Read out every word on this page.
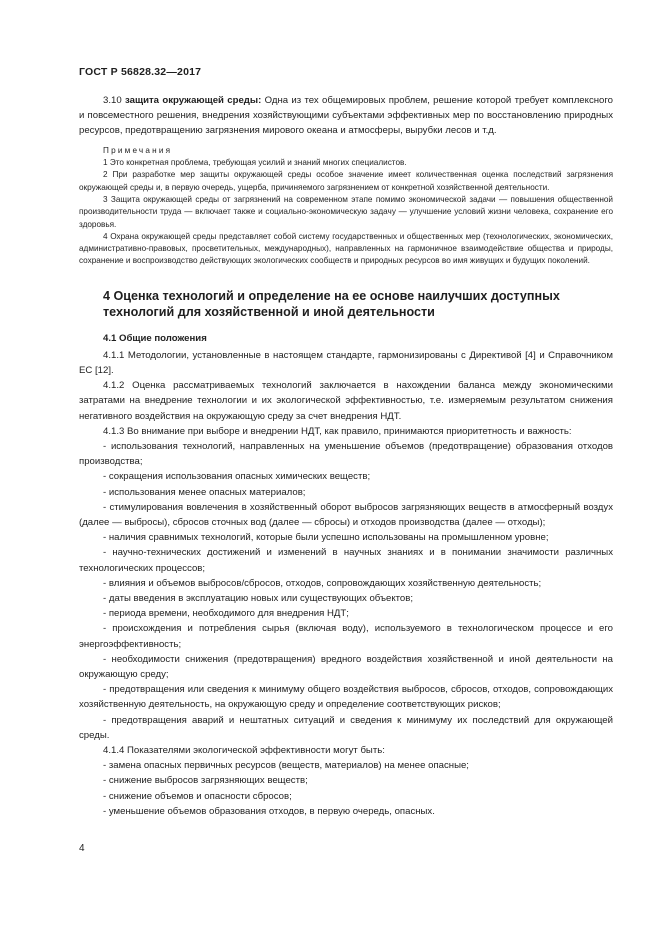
ГОСТ Р 56828.32—2017

3.10 защита окружающей среды: Одна из тех общемировых проблем, решение которой требует комплексного и повсеместного решения, внедрения хозяйствующими субъектами эффективных мер по восстановлению природных ресурсов, предотвращению загрязнения мирового океана и атмосферы, вырубки лесов и т.д.

Примечания

1 Это конкретная проблема, требующая усилий и знаний многих специалистов.

2 При разработке мер защиты окружающей среды особое значение имеет количественная оценка последствий загрязнения окружающей среды и, в первую очередь, ущерба, причиняемого загрязнением от конкретной хозяйственной деятельности.

3 Защита окружающей среды от загрязнений на современном этапе помимо экономической задачи — повышения общественной производительности труда — включает также и социально-экономическую задачу — улучшение условий жизни человека, сохранение его здоровья.

4 Охрана окружающей среды представляет собой систему государственных и общественных мер (технологических, экономических, административно-правовых, просветительных, международных), направленных на гармоничное взаимодействие общества и природы, сохранение и воспроизводство действующих экологических сообществ и природных ресурсов во имя живущих и будущих поколений.

4 Оценка технологий и определение на ее основе наилучших доступных технологий для хозяйственной и иной деятельности
4.1 Общие положения

4.1.1 Методологии, установленные в настоящем стандарте, гармонизированы с Директивой [4] и Справочником ЕС [12].

4.1.2 Оценка рассматриваемых технологий заключается в нахождении баланса между экономическими затратами на внедрение технологии и их экологической эффективностью, т.е. измеряемым результатом снижения негативного воздействия на окружающую среду за счет внедрения НДТ.

4.1.3 Во внимание при выборе и внедрении НДТ, как правило, принимаются приоритетность и важность:

- использования технологий, направленных на уменьшение объемов (предотвращение) образования отходов производства;

- сокращения использования опасных химических веществ;

- использования менее опасных материалов;

- стимулирования вовлечения в хозяйственный оборот выбросов загрязняющих веществ в атмосферный воздух (далее — выбросы), сбросов сточных вод (далее — сбросы) и отходов производства (далее — отходы);

- наличия сравнимых технологий, которые были успешно использованы на промышленном уровне;

- научно-технических достижений и изменений в научных знаниях и в понимании значимости различных технологических процессов;

- влияния и объемов выбросов/сбросов, отходов, сопровождающих хозяйственную деятельность;

- даты введения в эксплуатацию новых или существующих объектов;

- периода времени, необходимого для внедрения НДТ;

- происхождения и потребления сырья (включая воду), используемого в технологическом процессе и его энергоэффективность;

- необходимости снижения (предотвращения) вредного воздействия хозяйственной и иной деятельности на окружающую среду;

- предотвращения или сведения к минимуму общего воздействия выбросов, сбросов, отходов, сопровождающих хозяйственную деятельность, на окружающую среду и определение соответствующих рисков;

- предотвращения аварий и нештатных ситуаций и сведения к минимуму их последствий для окружающей среды.

4.1.4 Показателями экологической эффективности могут быть:

- замена опасных первичных ресурсов (веществ, материалов) на менее опасные;

- снижение выбросов загрязняющих веществ;

- снижение объемов и опасности сбросов;

- уменьшение объемов образования отходов, в первую очередь, опасных.

4
